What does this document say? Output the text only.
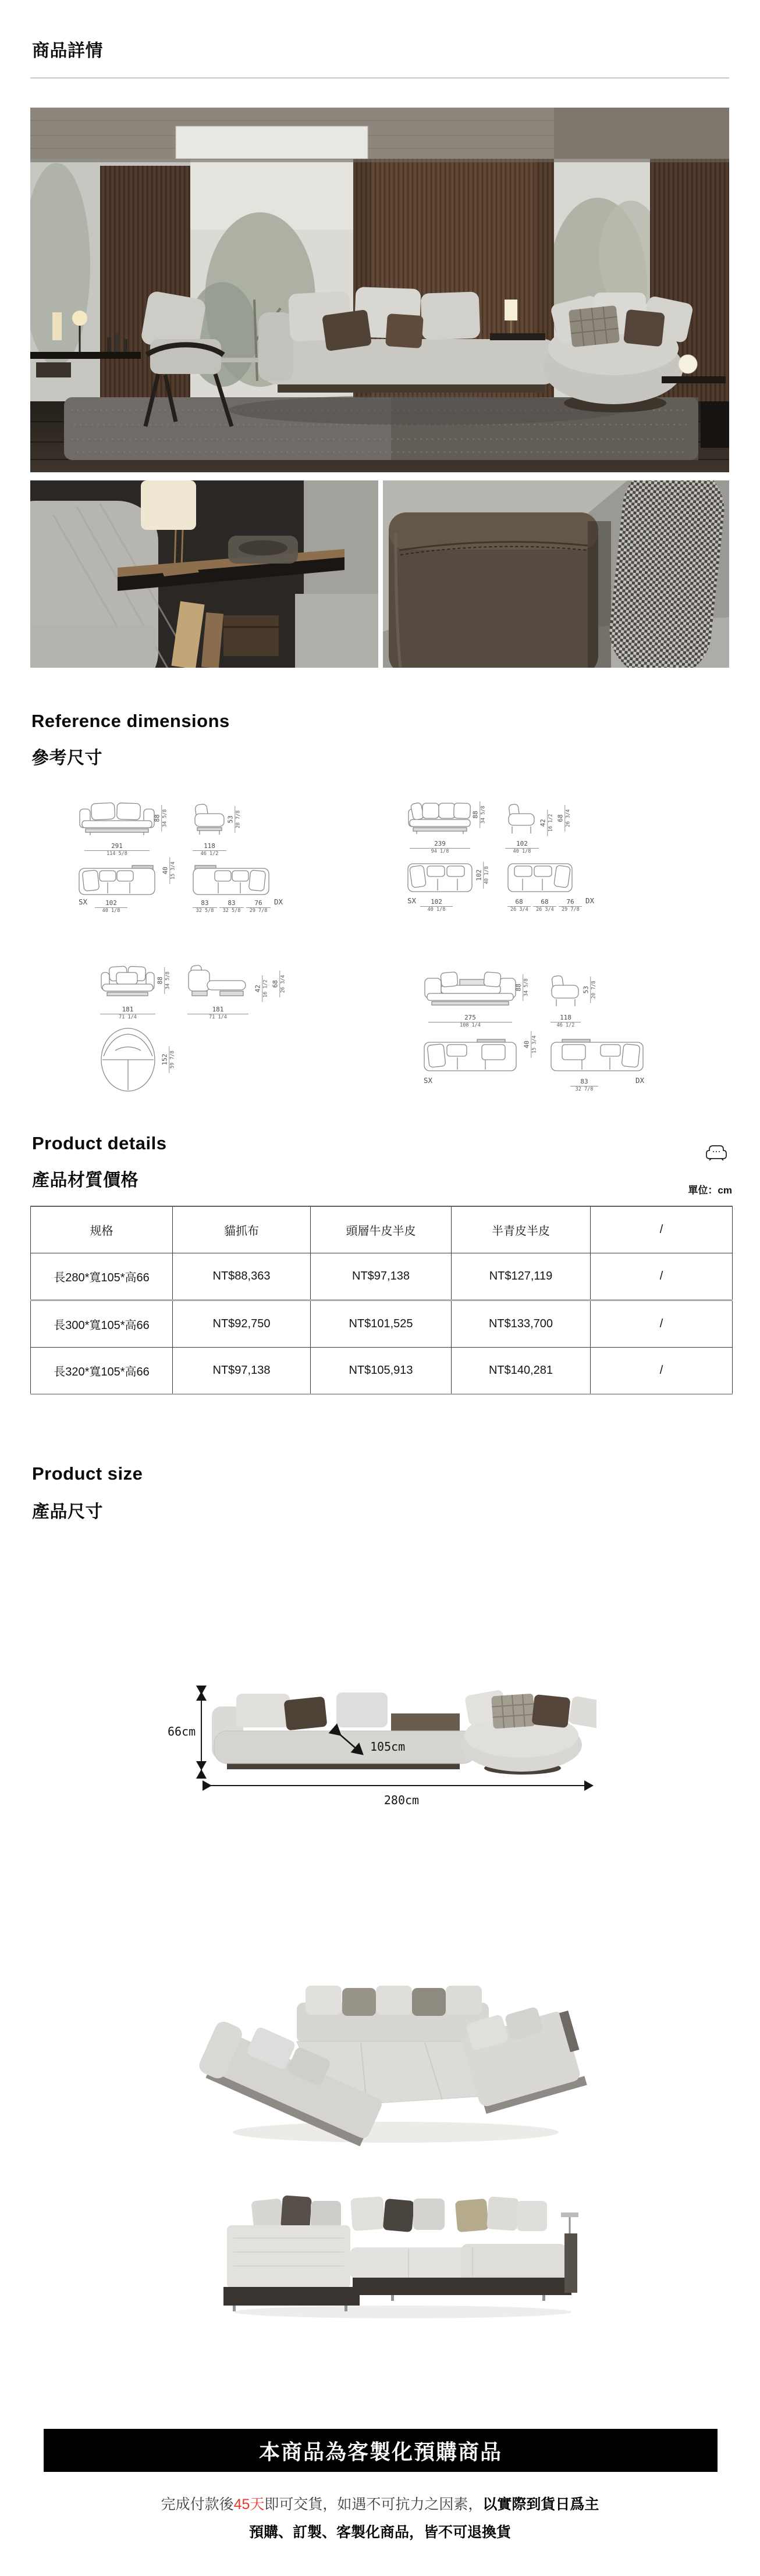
商品詳情
Reference dimensions
參考尺寸
88 34 5/8	53 20 7/8
291
114 5/8
118
46 1/2
40 15 3/4
SX	102
40 1/8
83
32 5/8
83
32 5/8
76
29 7/8
DX
88 34 5/8	42 16 1/2 68 26 3/4
239
94 1/8
102
40 1/8
102 40 1/8
SX	102
40 1/8
68
26 3/4
68
26 3/4
76
29 7/8
DX
88 34 5/8	42 16 1/2 68 26 3/4
181
71 1/4
181
71 1/4
152 59 7/8
88 34 5/8	53 20 7/8
275
108 1/4
118
46 1/2
40 15 3/4
SX	DX
83
32 7/8
Product details
產品材質價格
單位：cm
规格	貓抓布	頭層牛皮半皮	半青皮半皮	/
長280*寬105*高66	NT$88,363	NT$97,138	NT$127,119	/
長300*寬105*高66	NT$92,750	NT$101,525	NT$133,700	/
長320*寬105*高66	NT$97,138	NT$105,913	NT$140,281	/
Product size
產品尺寸
66cm
105cm
280cm
本商品為客製化預購商品
完成付款後45天即可交貨，如遇不可抗力之因素，以實際到貨日爲主
預購、訂製、客製化商品，皆不可退換貨
